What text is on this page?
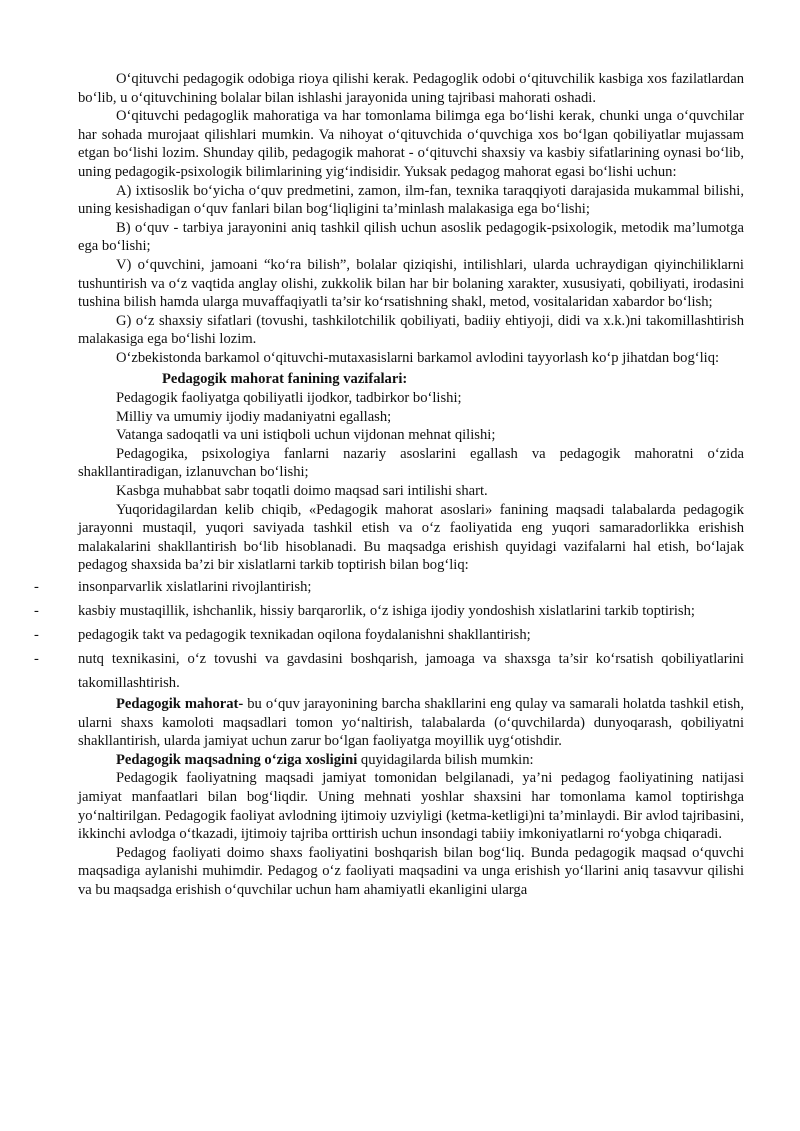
O‘qituvchi pedagogik odobiga rioya qilishi kerak. Pedagoglik odobi o‘qituvchilik kasbiga xos fazilatlardan bo‘lib, u o‘qituvchining bolalar bilan ishlashi jarayonida uning tajribasi mahorati oshadi.

O‘qituvchi pedagoglik mahoratiga va har tomonlama bilimga ega bo‘lishi kerak, chunki unga o‘quvchilar har sohada murojaat qilishlari mumkin. Va nihoyat o‘qituvchida o‘quvchiga xos bo‘lgan qobiliyatlar mujassam etgan bo‘lishi lozim. Shunday qilib, pedagogik mahorat - o‘qituvchi shaxsiy va kasbiy sifatlarining oynasi bo‘lib, uning pedagogik-psixologik bilimlarining yig‘indisidir. Yuksak pedagog mahorat egasi bo‘lishi uchun:

A) ixtisoslik bo‘yicha o‘quv predmetini, zamon, ilm-fan, texnika taraqqiyoti darajasida mukammal bilishi, uning kesishadigan o‘quv fanlari bilan bog‘liqligini ta’minlash malakasiga ega bo‘lishi;

B) o‘quv - tarbiya jarayonini aniq tashkil qilish uchun asoslik pedagogik-psixologik, metodik ma’lumotga ega bo‘lishi;

V) o‘quvchini, jamoani “ko‘ra bilish”, bolalar qiziqishi, intilishlari, ularda uchraydigan qiyinchiliklarni tushuntirish va o‘z vaqtida anglay olishi, zukkolik bilan har bir bolaning xarakter, xususiyati, qobiliyati, irodasini tushina bilish hamda ularga muvaffaqiyatli ta’sir ko‘rsatishning shakl, metod, vositalaridan xabardor bo‘lish;

G) o‘z shaxsiy sifatlari (tovushi, tashkilotchilik qobiliyati, badiiy ehtiyoji, didi va x.k.)ni takomillashtirish malakasiga ega bo‘lishi lozim.

O‘zbekistonda barkamol o‘qituvchi-mutaxasislarni barkamol avlodini tayyorlash ko‘p jihatdan bog‘liq:

Pedagogik mahorat fanining vazifalari:

Pedagogik faoliyatga qobiliyatli ijodkor, tadbirkor bo‘lishi;

Milliy va umumiy ijodiy madaniyatni egallash;

Vatanga sadoqatli va uni istiqboli uchun vijdonan mehnat qilishi;

Pedagogika, psixologiya fanlarni nazariy asoslarini egallash va pedagogik mahoratni o‘zida shakllantiradigan, izlanuvchan bo‘lishi;

Kasbga muhabbat sabr toqatli doimo maqsad sari intilishi shart.

Yuqoridagilardan kelib chiqib, «Pedagogik mahorat asoslari» fanining maqsadi talabalarda pedagogik jarayonni mustaqil, yuqori saviyada tashkil etish va o‘z faoliyatida eng yuqori samaradorlikka erishish malakalarini shakllantirish bo‘lib hisoblanadi. Bu maqsadga erishish quyidagi vazifalarni hal etish, bo‘lajak pedagog shaxsida ba’zi bir xislatlarni tarkib toptirish bilan bog‘liq:

-	insonparvarlik xislatlarini rivojlantirish;
-	kasbiy mustaqillik, ishchanlik, hissiy barqarorlik, o‘z ishiga ijodiy yondoshish xislatlarini tarkib toptirish;
-	pedagogik takt va pedagogik texnikadan oqilona foydalanishni shakllantirish;
-	nutq texnikasini, o‘z tovushi va gavdasini boshqarish, jamoaga va shaxsga ta’sir ko‘rsatish qobiliyatlarini takomillashtirish.

Pedagogik mahorat- bu o‘quv jarayonining barcha shakllarini eng qulay va samarali holatda tashkil etish, ularni shaxs kamoloti maqsadlari tomon yo‘naltirish, talabalarda (o‘quvchilarda) dunyoqarash, qobiliyatni shakllantirish, ularda jamiyat uchun zarur bo‘lgan faoliyatga moyillik uyg‘otishdir.

Pedagogik maqsadning o‘ziga xosligini quyidagilarda bilish mumkin:

Pedagogik faoliyatning maqsadi jamiyat tomonidan belgilanadi, ya’ni pedagog faoliyatining natijasi jamiyat manfaatlari bilan bog‘liqdir. Uning mehnati yoshlar shaxsini har tomonlama kamol toptirishga yo‘naltirilgan. Pedagogik faoliyat avlodning ijtimoiy uzviyligi (ketma-ketligi)ni ta’minlaydi. Bir avlod tajribasini, ikkinchi avlodga o‘tkazadi, ijtimoiy tajriba orttirish uchun insondagi tabiiy imkoniyatlarni ro‘yobga chiqaradi.

Pedagog faoliyati doimo shaxs faoliyatini boshqarish bilan bog‘liq. Bunda pedagogik maqsad o‘quvchi maqsadiga aylanishi muhimdir. Pedagog o‘z faoliyati maqsadini va unga erishish yo‘llarini aniq tasavvur qilishi va bu maqsadga erishish o‘quvchilar uchun ham ahamiyatli ekanligini ularga
